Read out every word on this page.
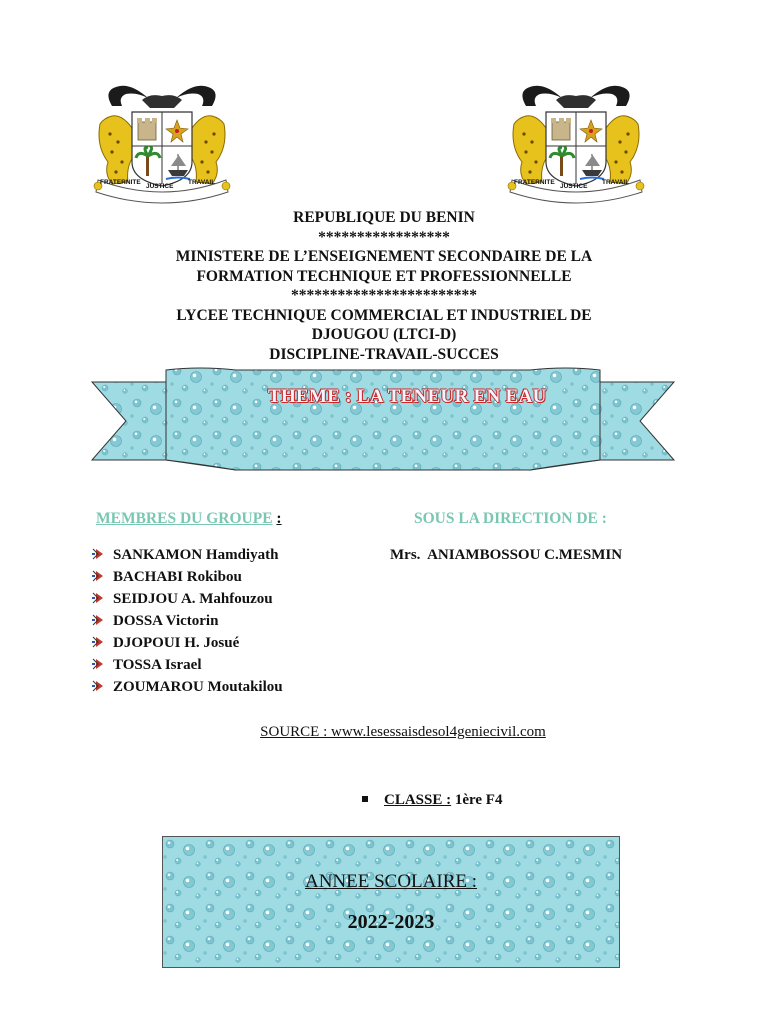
FRATERNITE
JUSTICE
TRAVAIL	FRATERNITE
JUSTICE
TRAVAIL
REPUBLIQUE DU BENIN
*****************
MINISTERE DE L’ENSEIGNEMENT SECONDAIRE DE LA
FORMATION TECHNIQUE ET PROFESSIONNELLE
************************
LYCEE TECHNIQUE COMMERCIAL ET INDUSTRIEL DE
DJOUGOU (LTCI-D)
DISCIPLINE-TRAVAIL-SUCCES
THEME : LA TENEUR EN EAU
MEMBRES DU GROUPE :	SOUS LA DIRECTION DE :
SANKAMON Hamdiyath
BACHABI Rokibou
SEIDJOU A. Mahfouzou
DOSSA Victorin
DJOPOUI H. Josué
TOSSA Israel
ZOUMAROU Moutakilou
Mrs.  ANIAMBOSSOU C.MESMIN
SOURCE : www.lesessaisdesol4geniecivil.com
CLASSE : 1ère F4
ANNEE SCOLAIRE :
2022-2023
